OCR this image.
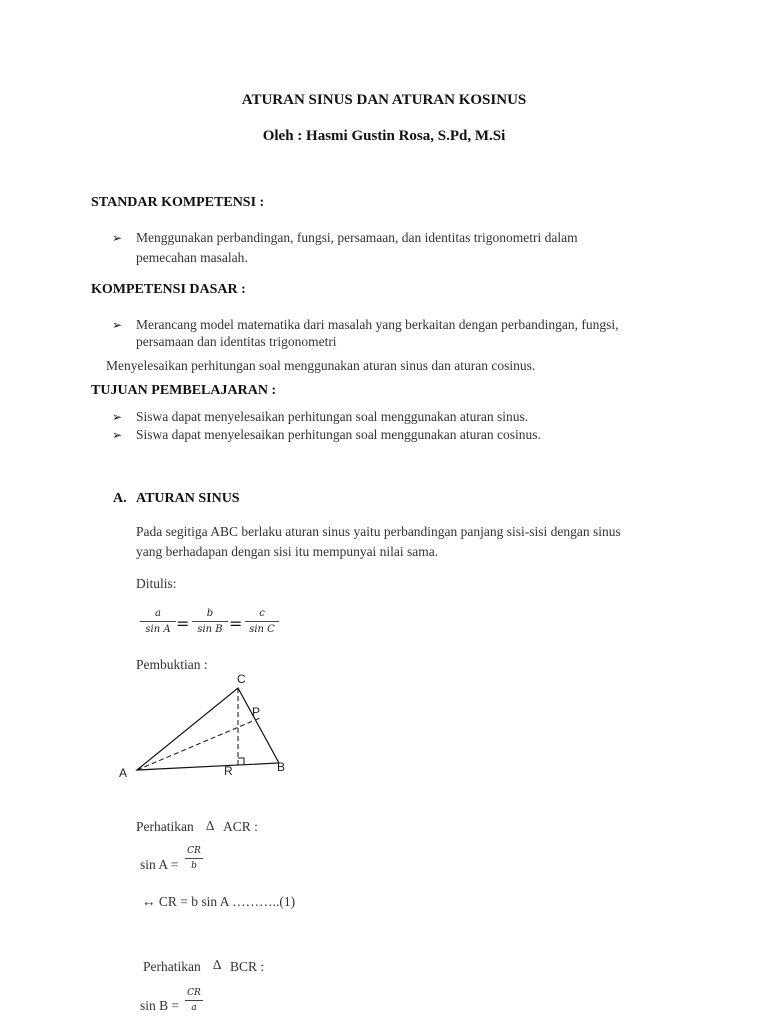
ATURAN SINUS DAN ATURAN KOSINUS
Oleh : Hasmi Gustin Rosa, S.Pd, M.Si
STANDAR KOMPETENSI :
➢ Menggunakan perbandingan, fungsi, persamaan, dan identitas trigonometri dalam
pemecahan masalah.
KOMPETENSI DASAR :
➢ Merancang model matematika dari masalah yang berkaitan dengan perbandingan, fungsi,
persamaan dan identitas trigonometri
Menyelesaikan perhitungan soal menggunakan aturan sinus dan aturan cosinus.
TUJUAN PEMBELAJARAN :
➢ Siswa dapat menyelesaikan perhitungan soal menggunakan aturan sinus.
➢ Siswa dapat menyelesaikan perhitungan soal menggunakan aturan cosinus.
A. ATURAN SINUS
Pada segitiga ABC berlaku aturan sinus yaitu perbandingan panjang sisi-sisi dengan sinus
yang berhadapan dengan sisi itu mempunyai nilai sama.
Ditulis:
a
sin A =
b
sin B =
c
sin C
Pembuktian :
C
P
A	R	B
Perhatikan ∆ ACR :
sin A =
CR
b
↔ CR = b sin A ………..(1)
Perhatikan ∆ BCR :
sin B =
CR
a
